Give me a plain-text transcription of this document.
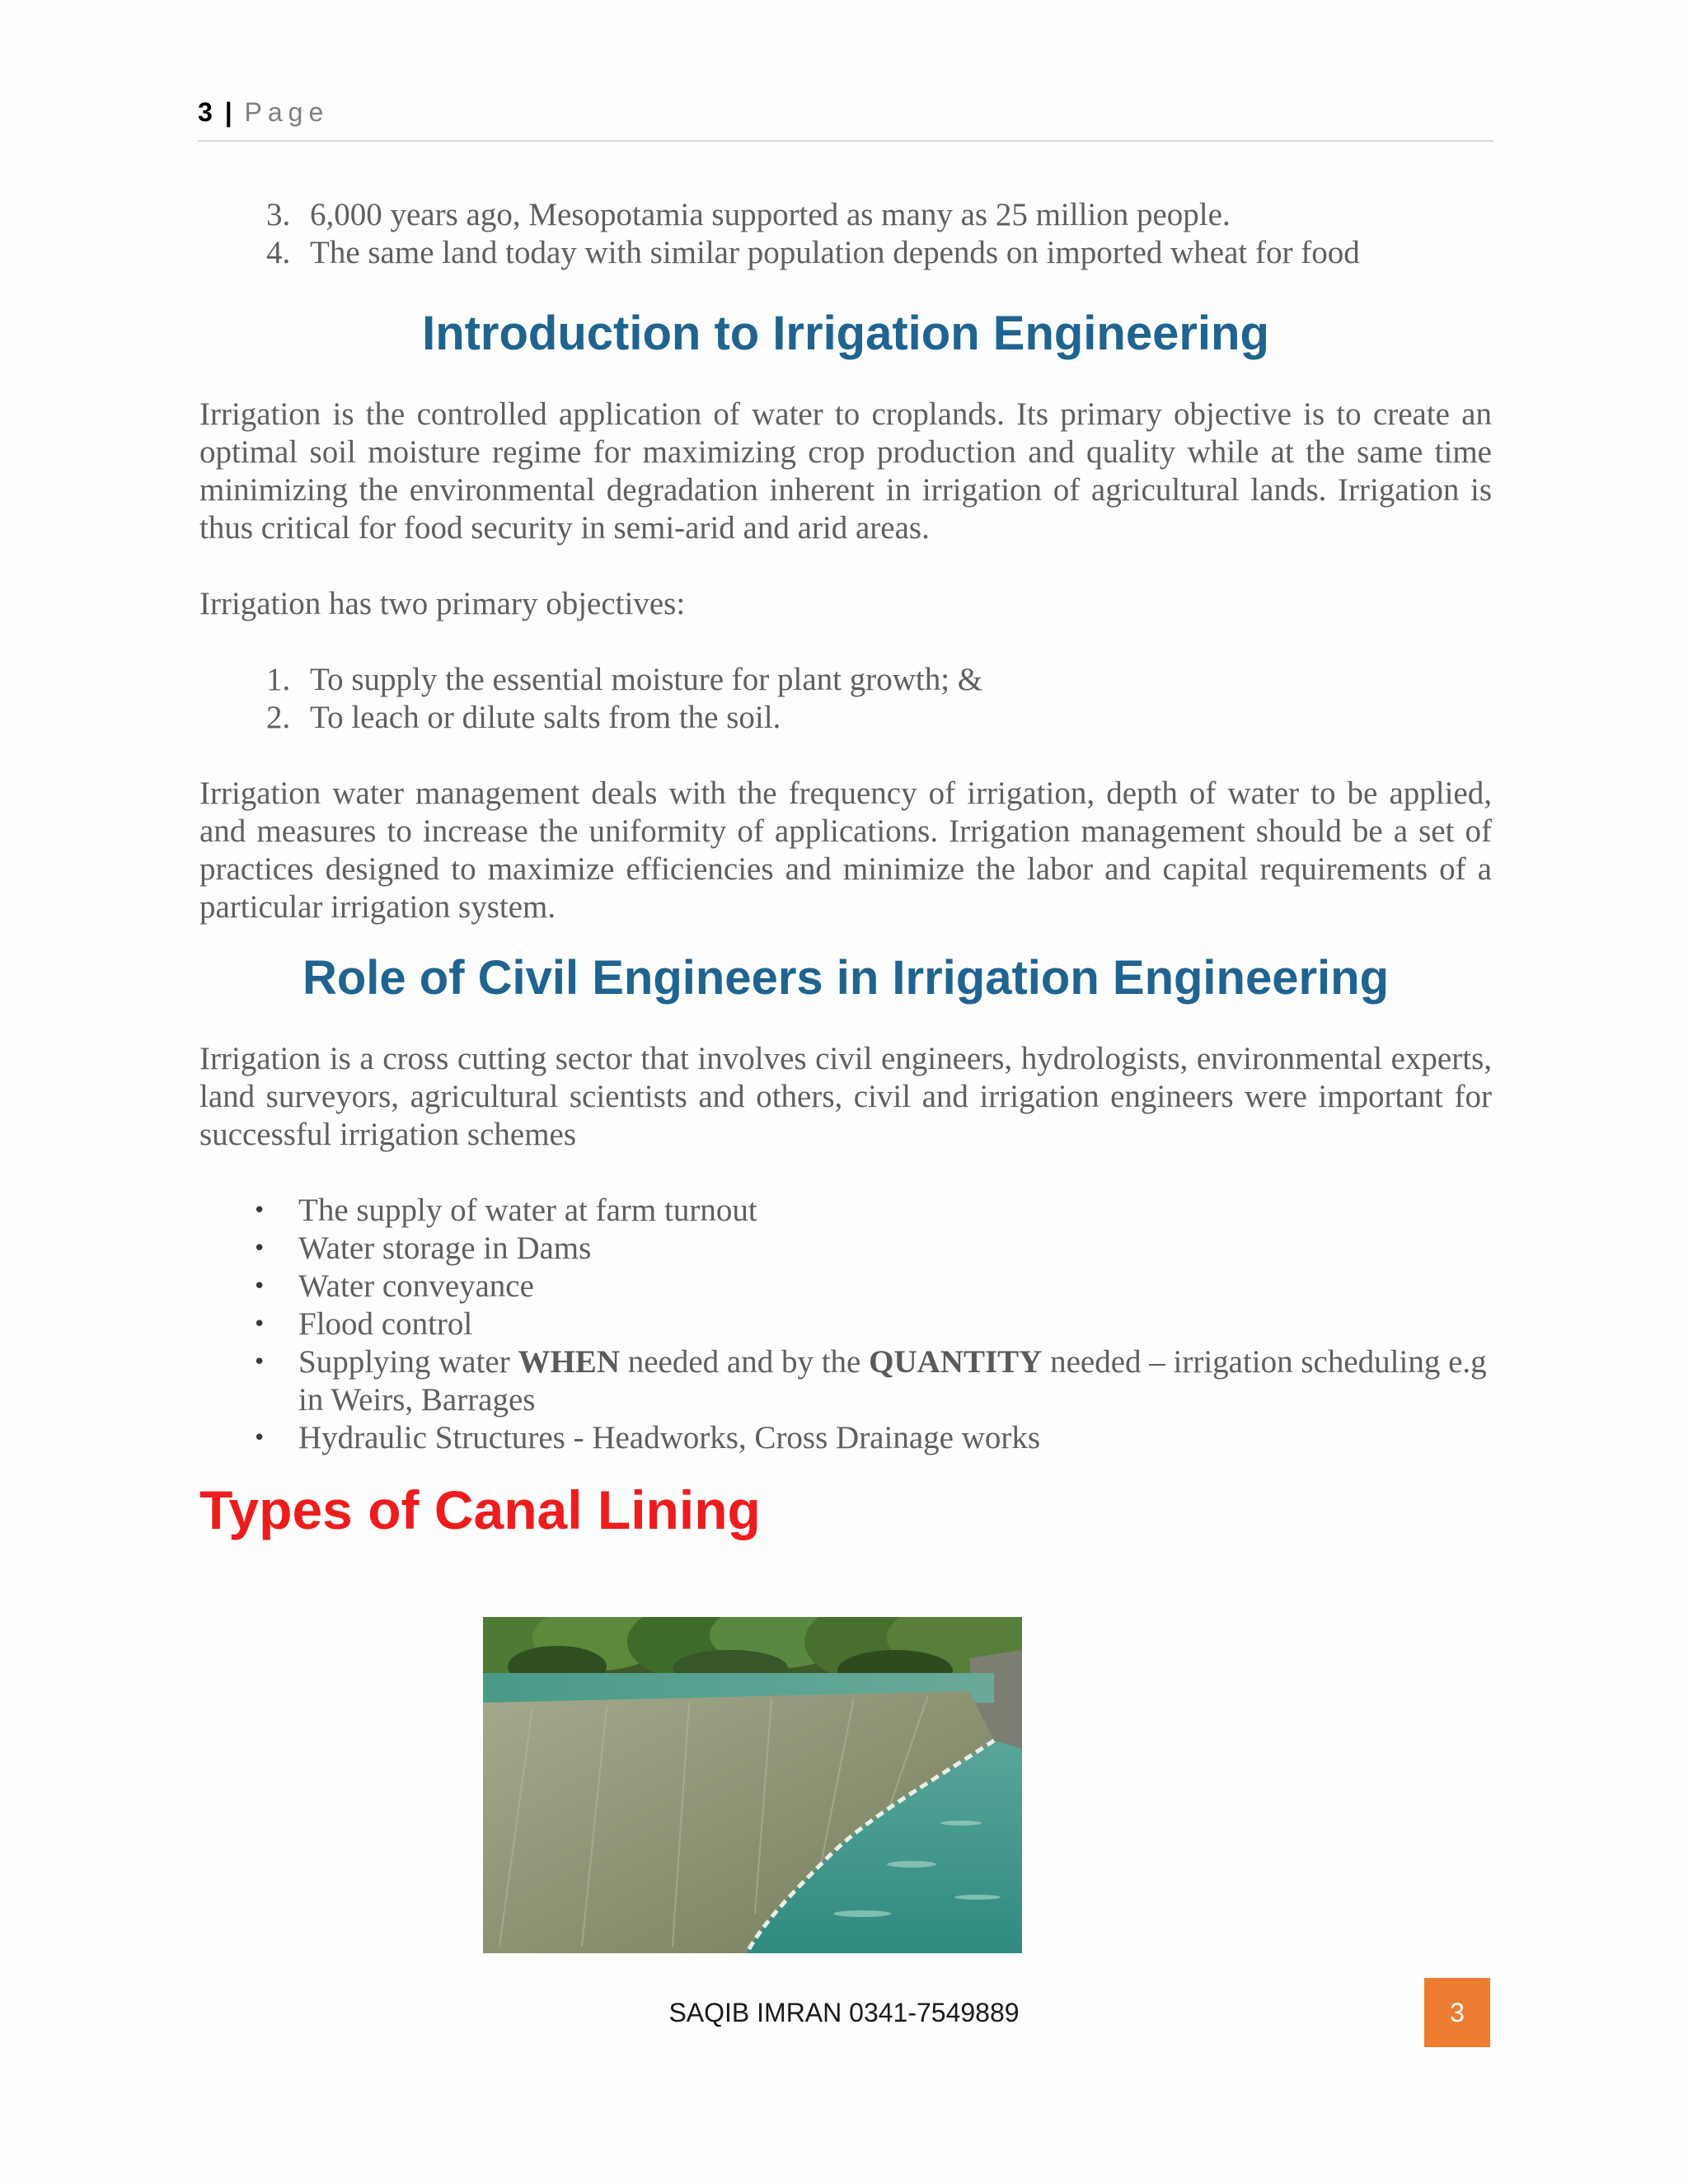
3 | Page
3. 6,000 years ago, Mesopotamia supported as many as 25 million people.
4. The same land today with similar population depends on imported wheat for food
Introduction to Irrigation Engineering

Irrigation is the controlled application of water to croplands. Its primary objective is to create an optimal soil moisture regime for maximizing crop production and quality while at the same time minimizing the environmental degradation inherent in irrigation of agricultural lands. Irrigation is thus critical for food security in semi-arid and arid areas.

Irrigation has two primary objectives:

1. To supply the essential moisture for plant growth; &
2. To leach or dilute salts from the soil.

Irrigation water management deals with the frequency of irrigation, depth of water to be applied, and measures to increase the uniformity of applications. Irrigation management should be a set of practices designed to maximize efficiencies and minimize the labor and capital requirements of a particular irrigation system.

Role of Civil Engineers in Irrigation Engineering

Irrigation is a cross cutting sector that involves civil engineers, hydrologists, environmental experts, land surveyors, agricultural scientists and others, civil and irrigation engineers were important for successful irrigation schemes

• The supply of water at farm turnout
• Water storage in Dams
• Water conveyance
• Flood control
• Supplying water WHEN needed and by the QUANTITY needed – irrigation scheduling e.g in Weirs, Barrages
• Hydraulic Structures - Headworks, Cross Drainage works
Types of Canal Lining
SAQIB IMRAN 0341-7549889	3
